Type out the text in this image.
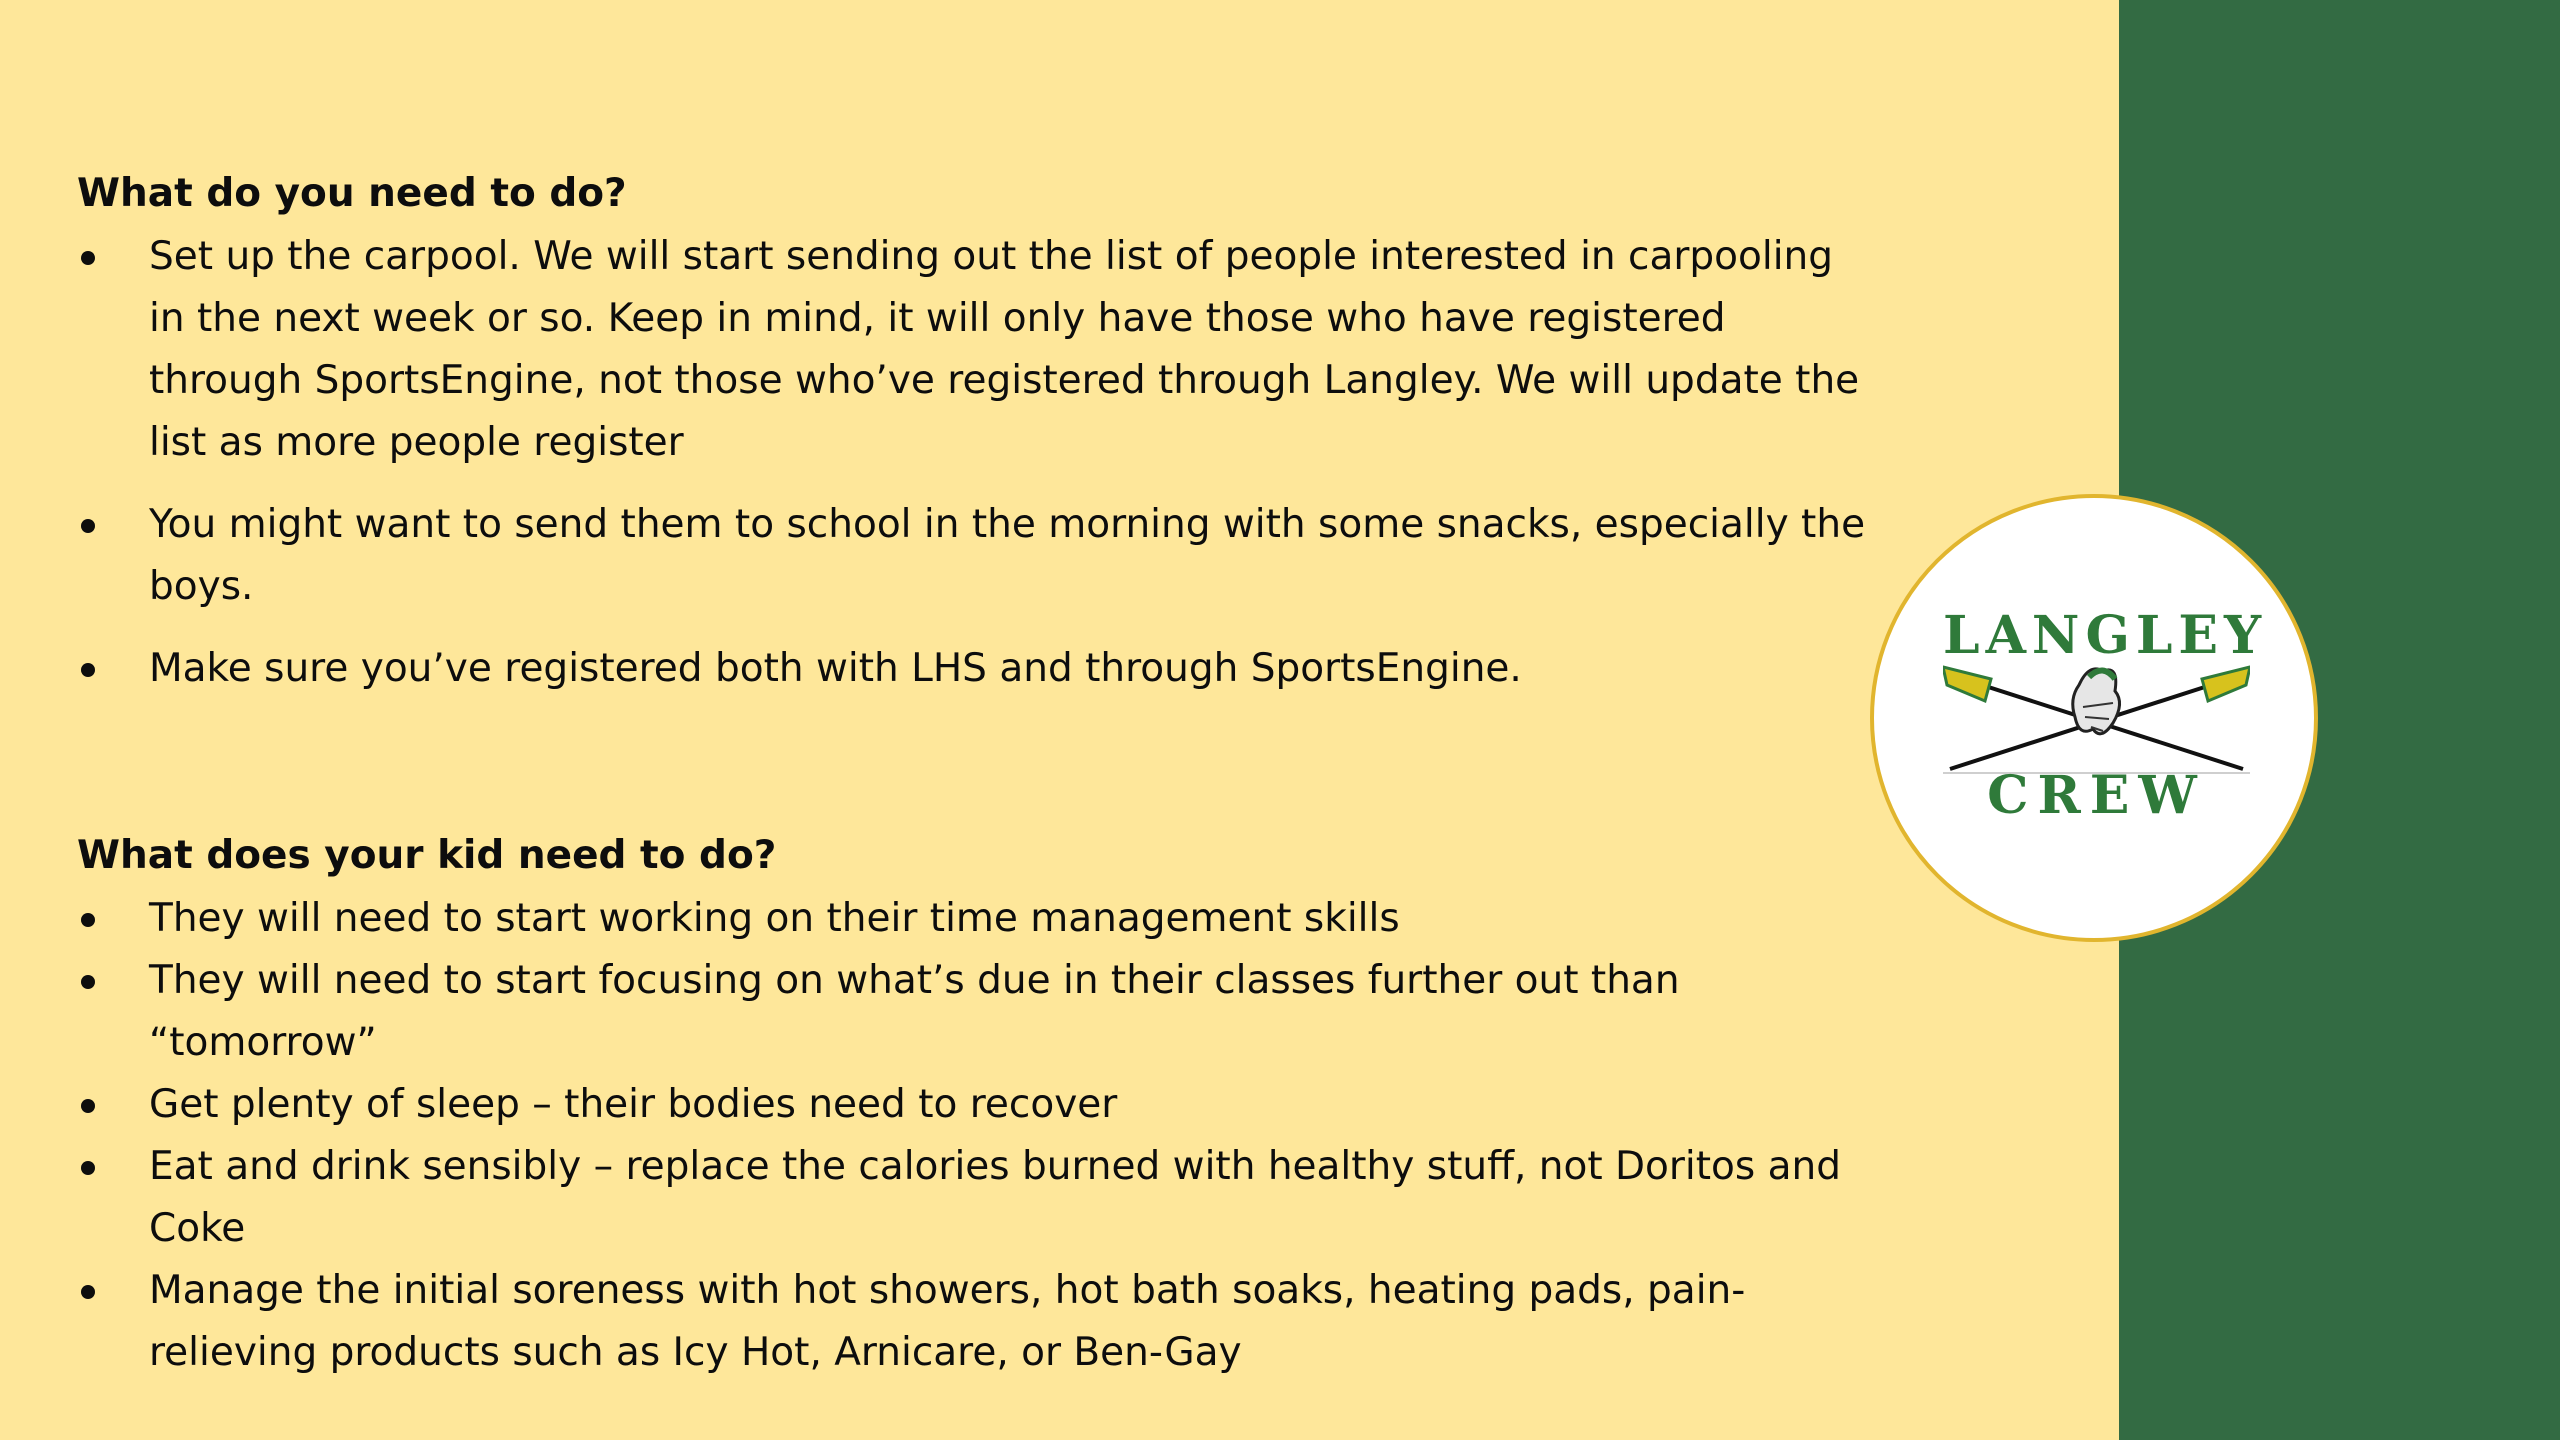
What do you need to do?
Set up the carpool. We will start sending out the list of people interested in carpooling in the next week or so. Keep in mind, it will only have those who have registered through SportsEngine, not those who’ve registered through Langley. We will update the list as more people register
You might want to send them to school in the morning with some snacks, especially the boys.
Make sure you’ve registered both with LHS and through SportsEngine.
What does your kid need to do?
They will need to start working on their time management skills
They will need to start focusing on what’s due in their classes further out than “tomorrow”
Get plenty of sleep – their bodies need to recover
Eat and drink sensibly – replace the calories burned with healthy stuff, not Doritos and Coke
Manage the initial soreness with hot showers, hot bath soaks, heating pads, pain-relieving products such as Icy Hot, Arnicare, or Ben-Gay
LANGLEY
CREW
